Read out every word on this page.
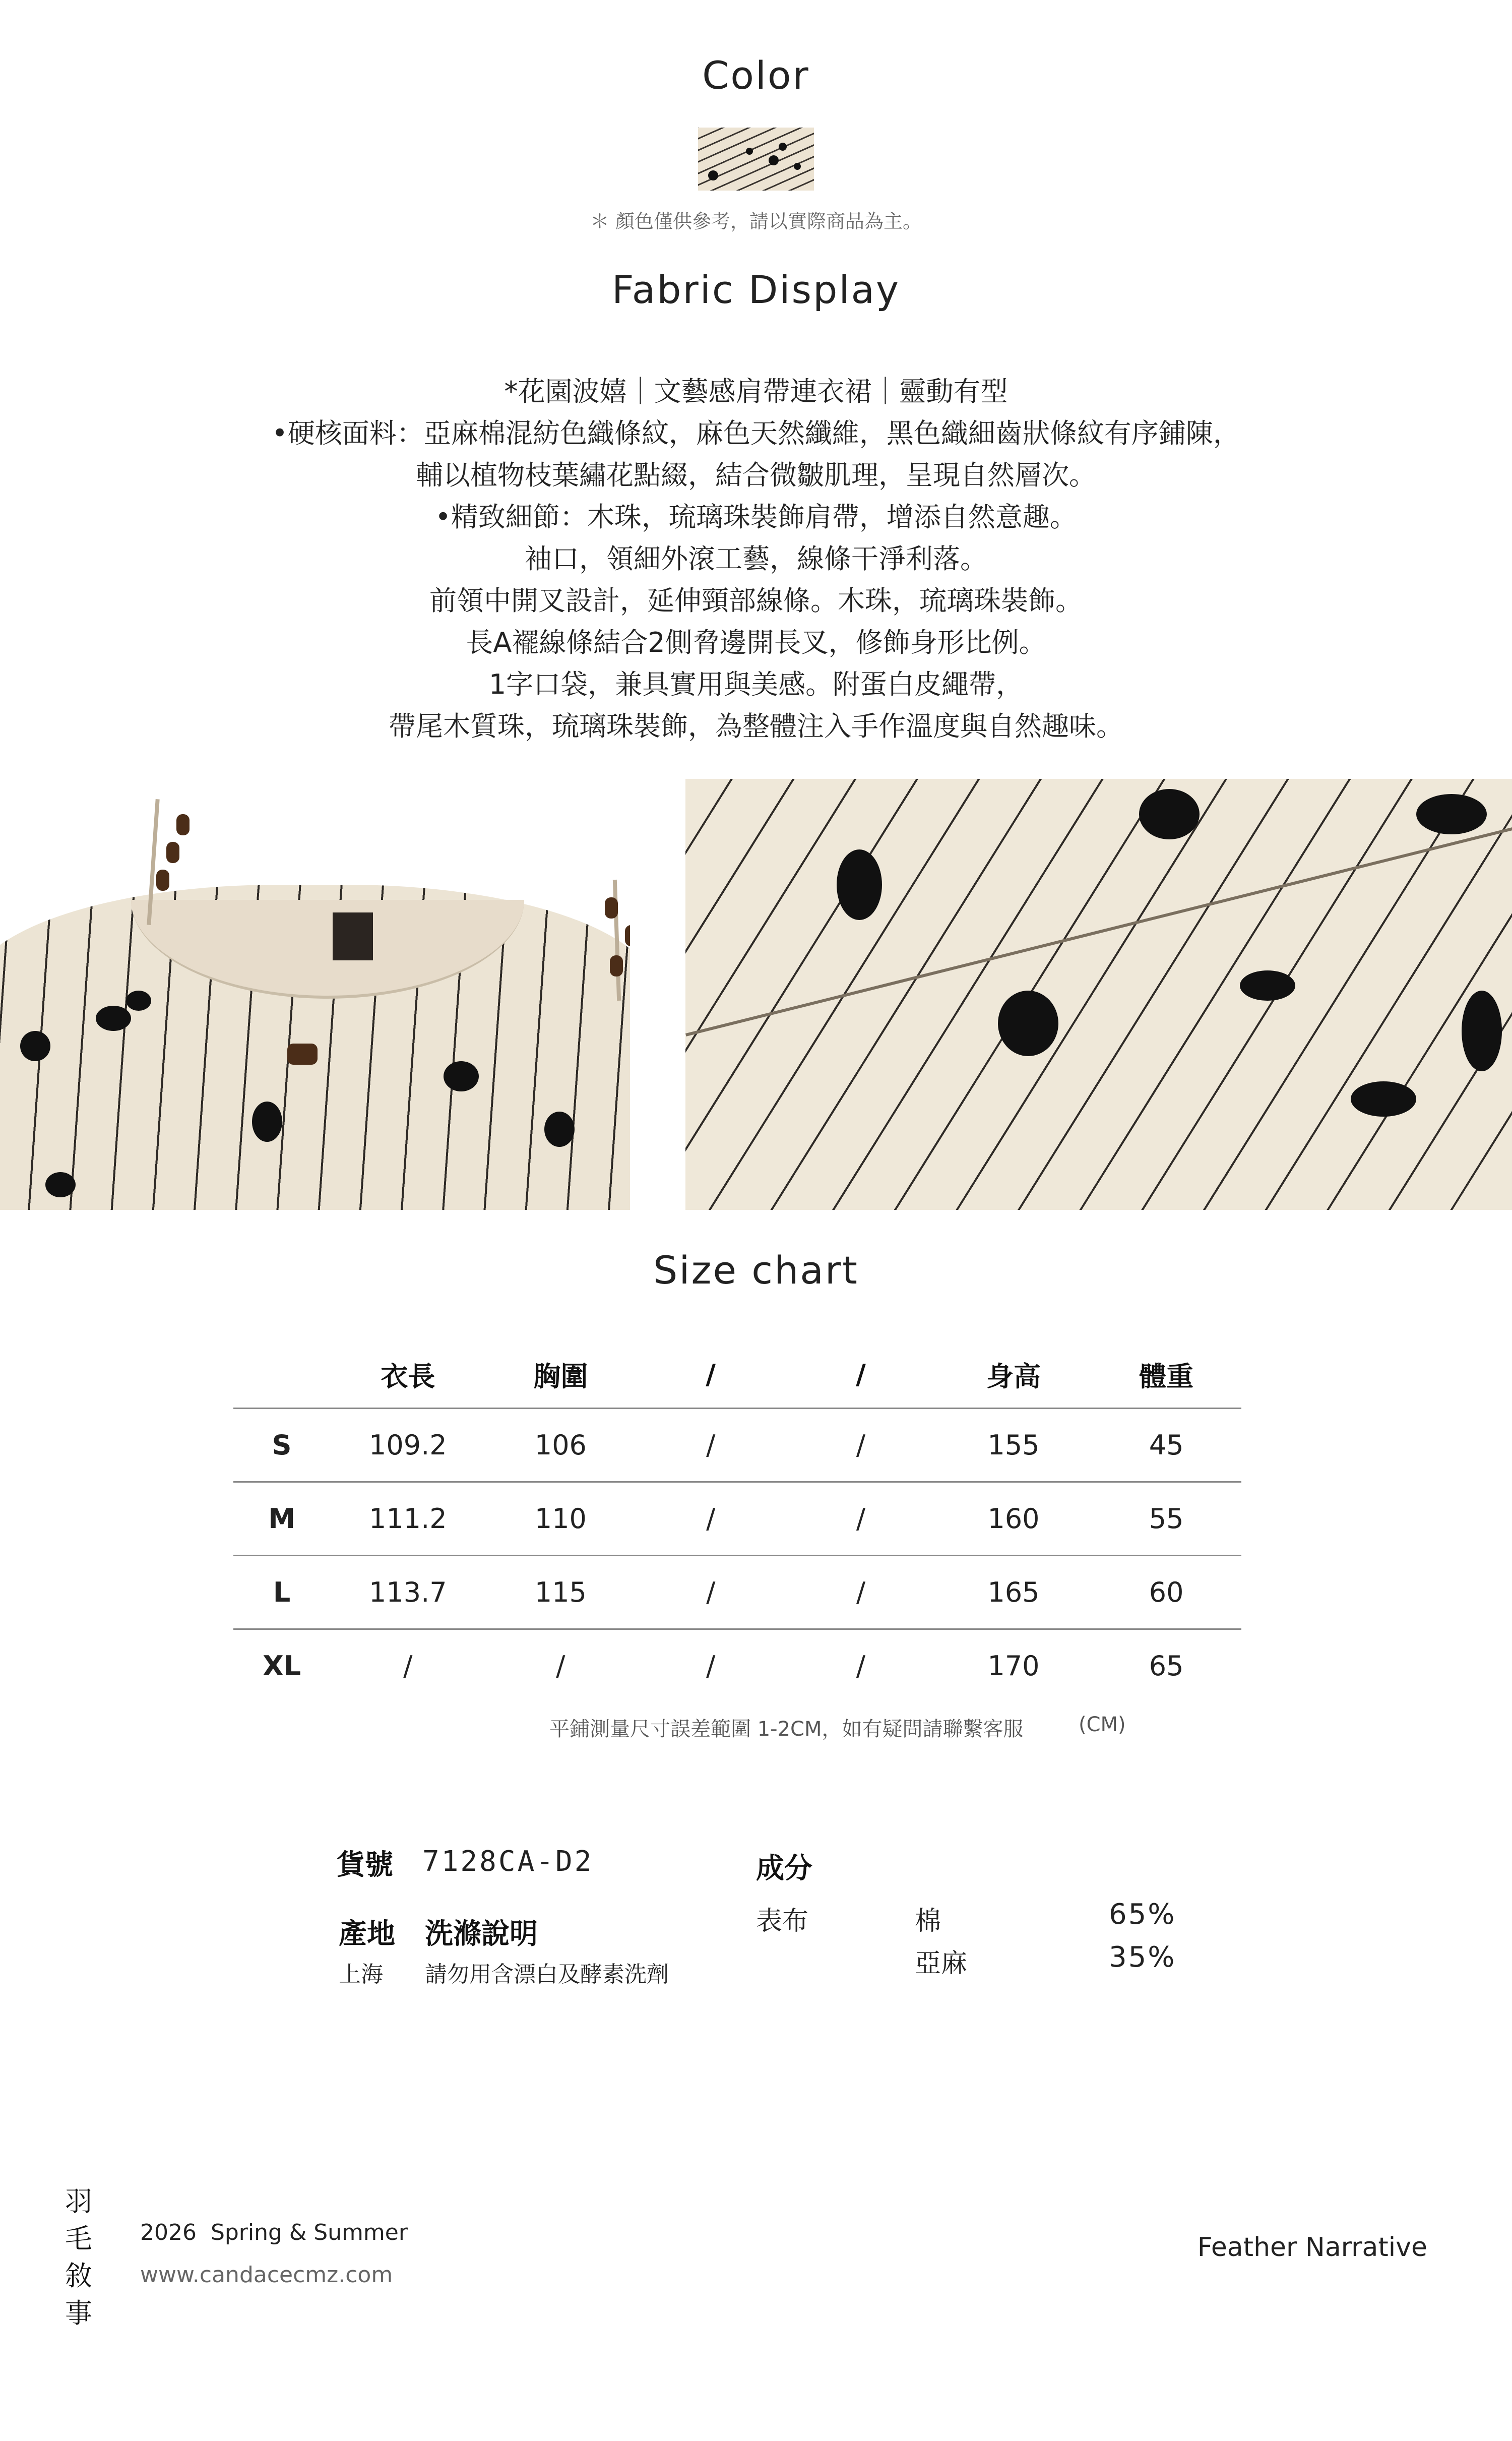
Color
＊ 顏色僅供參考，請以實際商品為主。
Fabric Display
*花園波嬉｜文藝感肩帶連衣裙｜靈動有型
•硬核面料：亞麻棉混紡色織條紋，麻色天然纖維，黑色織細齒狀條紋有序鋪陳，
輔以植物枝葉繡花點綴，結合微皺肌理，呈現自然層次。
•精致細節：木珠，琉璃珠裝飾肩帶，增添自然意趣。
袖口，領細外滾工藝，線條干淨利落。
前領中開叉設計，延伸頸部線條。木珠，琉璃珠裝飾。
長A襬線條結合2側脅邊開長叉，修飾身形比例。
1字口袋，兼具實用與美感。附蛋白皮繩帶，
帶尾木質珠，琉璃珠裝飾，為整體注入手作溫度與自然趣味。
Size chart
	衣長	胸圍	/	/	身高	體重
S	109.2	106	/	/	155	45
M	111.2	110	/	/	160	55
L	113.7	115	/	/	165	60
XL	/	/	/	/	170	65
平鋪測量尺寸誤差範圍 1-2CM，如有疑問請聯繫客服	(CM)
貨號 7128CA-D2
產地 洗滌說明
上海 請勿用含漂白及酵素洗劑
成分
表布	棉	65%
亞麻	35%
羽
毛
敘
事
2026  Spring & Summer
www.candacecmz.com
Feather Narrative
